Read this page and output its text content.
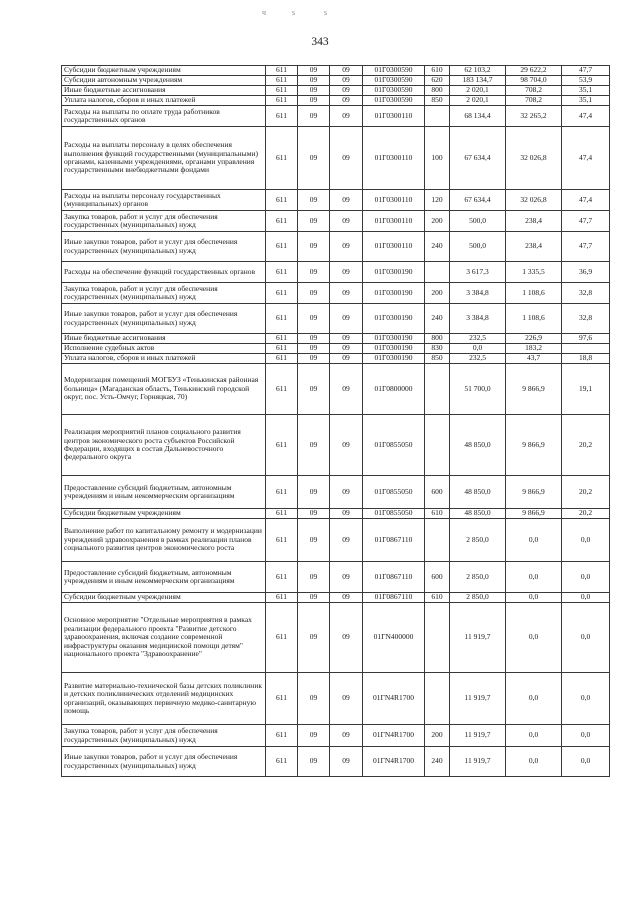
ч	s	s
343
Субсидии бюджетным учреждениям	611	09	09	01Г0300590	610	62 103,2	29 622,2	47,7
Субсидии автономным учреждениям	611	09	09	01Г0300590	620	183 134,7	98 704,0	53,9
Иные бюджетные ассигнования	611	09	09	01Г0300590	800	2 020,1	708,2	35,1
Уплата налогов, сборов и иных платежей	611	09	09	01Г0300590	850	2 020,1	708,2	35,1
Расходы на выплаты по оплате труда работников государственных органов	611	09	09	01Г0300110		68 134,4	32 265,2	47,4
Расходы на выплаты персоналу в целях обеспечения выполнения функций государственными (муниципальными) органами, казенными учреждениями, органами управления государственными внебюджетными фондами	611	09	09	01Г0300110	100	67 634,4	32 026,8	47,4
Расходы на выплаты персоналу государственных (муниципальных) органов	611	09	09	01Г0300110	120	67 634,4	32 026,8	47,4
Закупка товаров, работ и услуг для обеспечения государственных (муниципальных) нужд	611	09	09	01Г0300110	200	500,0	238,4	47,7
Иные закупки товаров, работ и услуг для обеспечения государственных (муниципальных) нужд	611	09	09	01Г0300110	240	500,0	238,4	47,7
Расходы на обеспечение функций государственных органов	611	09	09	01Г0300190		3 617,3	1 335,5	36,9
Закупка товаров, работ и услуг для обеспечения государственных (муниципальных) нужд	611	09	09	01Г0300190	200	3 384,8	1 108,6	32,8
Иные закупки товаров, работ и услуг для обеспечения государственных (муниципальных) нужд	611	09	09	01Г0300190	240	3 384,8	1 108,6	32,8
Иные бюджетные ассигнования	611	09	09	01Г0300190	800	232,5	226,9	97,6
Исполнение судебных актов	611	09	09	01Г0300190	830	0,0	183,2	
Уплата налогов, сборов и иных платежей	611	09	09	01Г0300190	850	232,5	43,7	18,8
Модернизация помещений МОГБУЗ «Тенькинская районная больница» (Магаданская область, Тенькинский городской округ, пос. Усть-Омчуг, Горняцкая, 70)	611	09	09	01Г0800000		51 700,0	9 866,9	19,1
Реализация мероприятий планов социального развития центров экономического роста субъектов Российской Федерации, входящих в состав Дальневосточного федерального округа	611	09	09	01Г0855050		48 850,0	9 866,9	20,2
Предоставление субсидий бюджетным, автономным учреждениям и иным некоммерческим организациям	611	09	09	01Г0855050	600	48 850,0	9 866,9	20,2
Субсидии бюджетным учреждениям	611	09	09	01Г0855050	610	48 850,0	9 866,9	20,2
Выполнение работ по капитальному ремонту и модернизации учреждений здравоохранения в рамках реализации планов социального развития центров экономического роста	611	09	09	01Г0867110		2 850,0	0,0	0,0
Предоставление субсидий бюджетным, автономным учреждениям и иным некоммерческим организациям	611	09	09	01Г0867110	600	2 850,0	0,0	0,0
Субсидии бюджетным учреждениям	611	09	09	01Г0867110	610	2 850,0	0,0	0,0
Основное мероприятие "Отдельные мероприятия в рамках реализации федерального проекта "Развитие детского здравоохранения, включая создание современной инфраструктуры оказания медицинской помощи детям" национального проекта "Здравоохранение"	611	09	09	01ГN400000		11 919,7	0,0	0,0
Развитие материально-технической базы детских поликлиник и детских поликлинических отделений медицинских организаций, оказывающих первичную медико-санитарную помощь	611	09	09	01ГN4R1700		11 919,7	0,0	0,0
Закупка товаров, работ и услуг для обеспечения государственных (муниципальных) нужд	611	09	09	01ГN4R1700	200	11 919,7	0,0	0,0
Иные закупки товаров, работ и услуг для обеспечения государственных (муниципальных) нужд	611	09	09	01ГN4R1700	240	11 919,7	0,0	0,0
